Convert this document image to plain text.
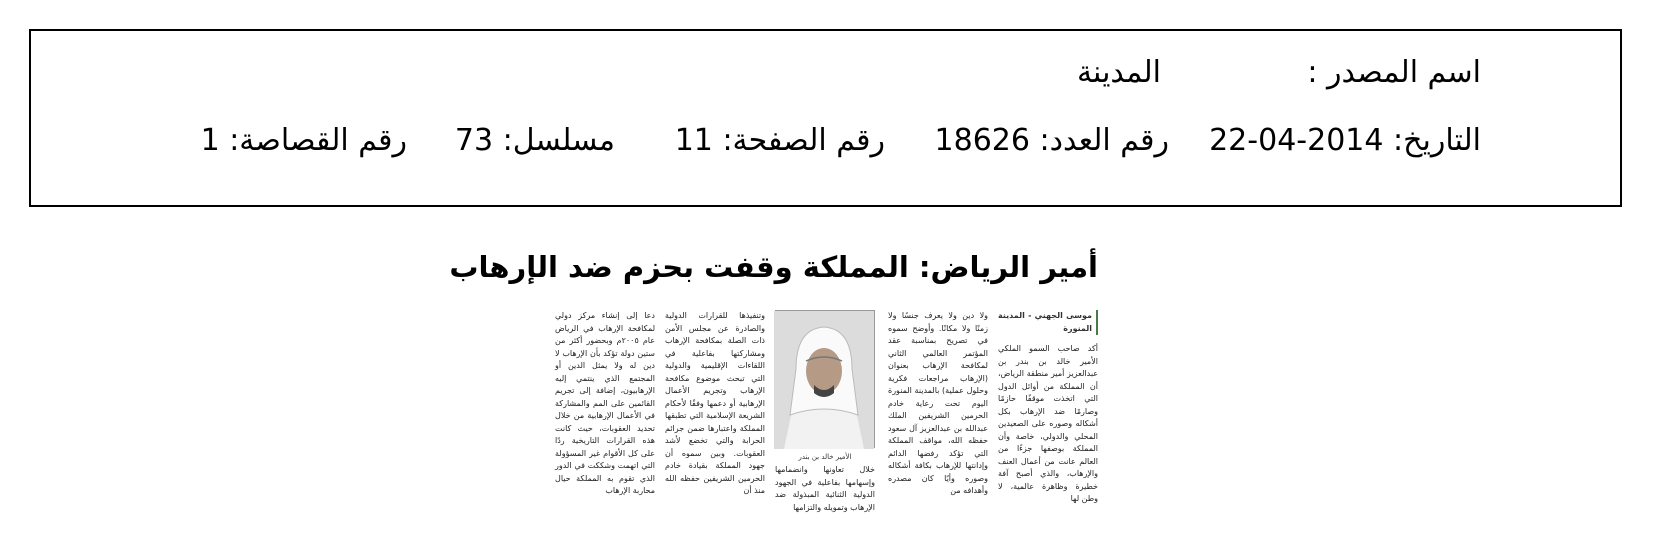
اسم المصدر :
المدينة
التاريخ: 2014-04-22
رقم العدد: 18626
رقم الصفحة: 11
مسلسل: 73
رقم القصاصة: 1
أمير الرياض: المملكة وقفت بحزم ضد الإرهاب
موسى الجهني - المدينة المنورة
أكد صاحب السمو الملكي الأمير خالد بن بندر بن عبدالعزيز أمير منطقة الرياض، أن المملكة من أوائل الدول التي اتخذت موقفًا حازمًا وصارمًا ضد الإرهاب بكل أشكاله وصوره على الصعيدين المحلي والدولي، خاصة وأن المملكة بوصفها جزءًا من العالم عانت من أعمال العنف والإرهاب، والذي أصبح آفة خطيرة وظاهرة عالمية، لا وطن لها
ولا دين ولا يعرف جنسًا ولا زمنًا ولا مكانًا. وأوضح سموه في تصريح بمناسبة عقد المؤتمر العالمي الثاني لمكافحة الإرهاب بعنوان (الإرهاب مراجعات فكرية وحلول عملية) بالمدينة المنورة اليوم تحت رعاية خادم الحرمين الشريفين الملك عبدالله بن عبدالعزيز آل سعود حفظه الله، مواقف المملكة التي تؤكد رفضها الدائم وإدانتها للإرهاب بكافة أشكاله وصوره وأيًا كان مصدره وأهدافه من
الأمير خالد بن بندر
خلال تعاونها وانضمامها وإسهامها بفاعلية في الجهود الدولية الثنائية المبذولة ضد الإرهاب وتمويله والتزامها
وتنفيذها للقرارات الدولية والصادرة عن مجلس الأمن ذات الصلة بمكافحة الإرهاب ومشاركتها بفاعلية في اللقاءات الإقليمية والدولية التي تبحث موضوع مكافحة الإرهاب وتجريم الأعمال الإرهابية أو دعمها وفقًا لأحكام الشريعة الإسلامية التي تطبقها المملكة واعتبارها ضمن جرائم الحرابة والتي تخضع لأشد العقوبات. وبين سموه أن جهود المملكة بقيادة خادم الحرمين الشريفين حفظه الله منذ أن
دعا إلى إنشاء مركز دولي لمكافحة الإرهاب في الرياض عام ٢٠٠٥م وبحضور أكثر من ستين دولة تؤكد بأن الإرهاب لا دين له ولا يمثل الدين أو المجتمع الذي ينتمي إليه الإرهابيون، إضافة إلى تجريم القائمين على المم والمشاركة في الأعمال الإرهابية من خلال تحديد العقوبات، حيث كانت هذه القرارات التاريخية ردًا على كل الأقوام غير المسؤولة التي اتهمت وشككت في الدور الذي تقوم به المملكة حيال محاربة الإرهاب
